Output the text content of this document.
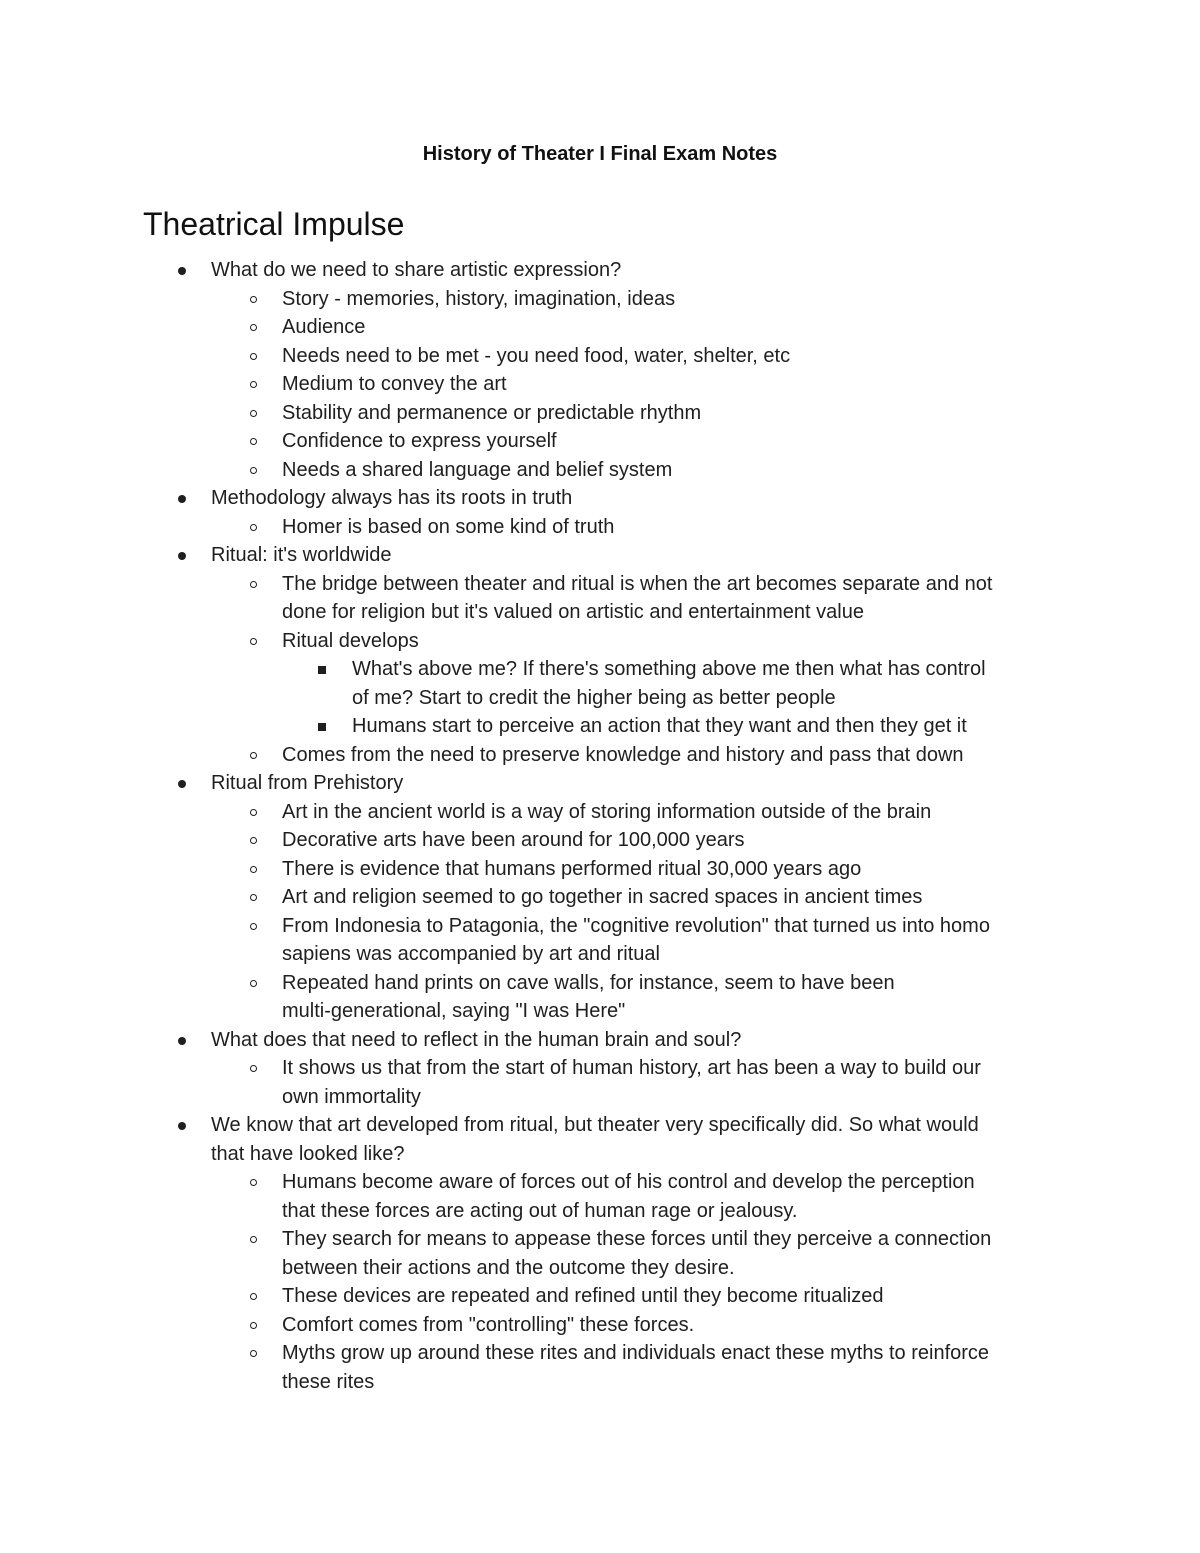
History of Theater I Final Exam Notes
Theatrical Impulse
What do we need to share artistic expression?
Story - memories, history, imagination, ideas
Audience
Needs need to be met - you need food, water, shelter, etc
Medium to convey the art
Stability and permanence or predictable rhythm
Confidence to express yourself
Needs a shared language and belief system
Methodology always has its roots in truth
Homer is based on some kind of truth
Ritual: it's worldwide
The bridge between theater and ritual is when the art becomes separate and not
done for religion but it's valued on artistic and entertainment value
Ritual develops
What's above me? If there's something above me then what has control
of me? Start to credit the higher being as better people
Humans start to perceive an action that they want and then they get it
Comes from the need to preserve knowledge and history and pass that down
Ritual from Prehistory
Art in the ancient world is a way of storing information outside of the brain
Decorative arts have been around for 100,000 years
There is evidence that humans performed ritual 30,000 years ago
Art and religion seemed to go together in sacred spaces in ancient times
From Indonesia to Patagonia, the "cognitive revolution" that turned us into homo
sapiens was accompanied by art and ritual
Repeated hand prints on cave walls, for instance, seem to have been
multi-generational, saying "I was Here"
What does that need to reflect in the human brain and soul?
It shows us that from the start of human history, art has been a way to build our
own immortality
We know that art developed from ritual, but theater very specifically did. So what would
that have looked like?
Humans become aware of forces out of his control and develop the perception
that these forces are acting out of human rage or jealousy.
They search for means to appease these forces until they perceive a connection
between their actions and the outcome they desire.
These devices are repeated and refined until they become ritualized
Comfort comes from "controlling" these forces.
Myths grow up around these rites and individuals enact these myths to reinforce
these rites
